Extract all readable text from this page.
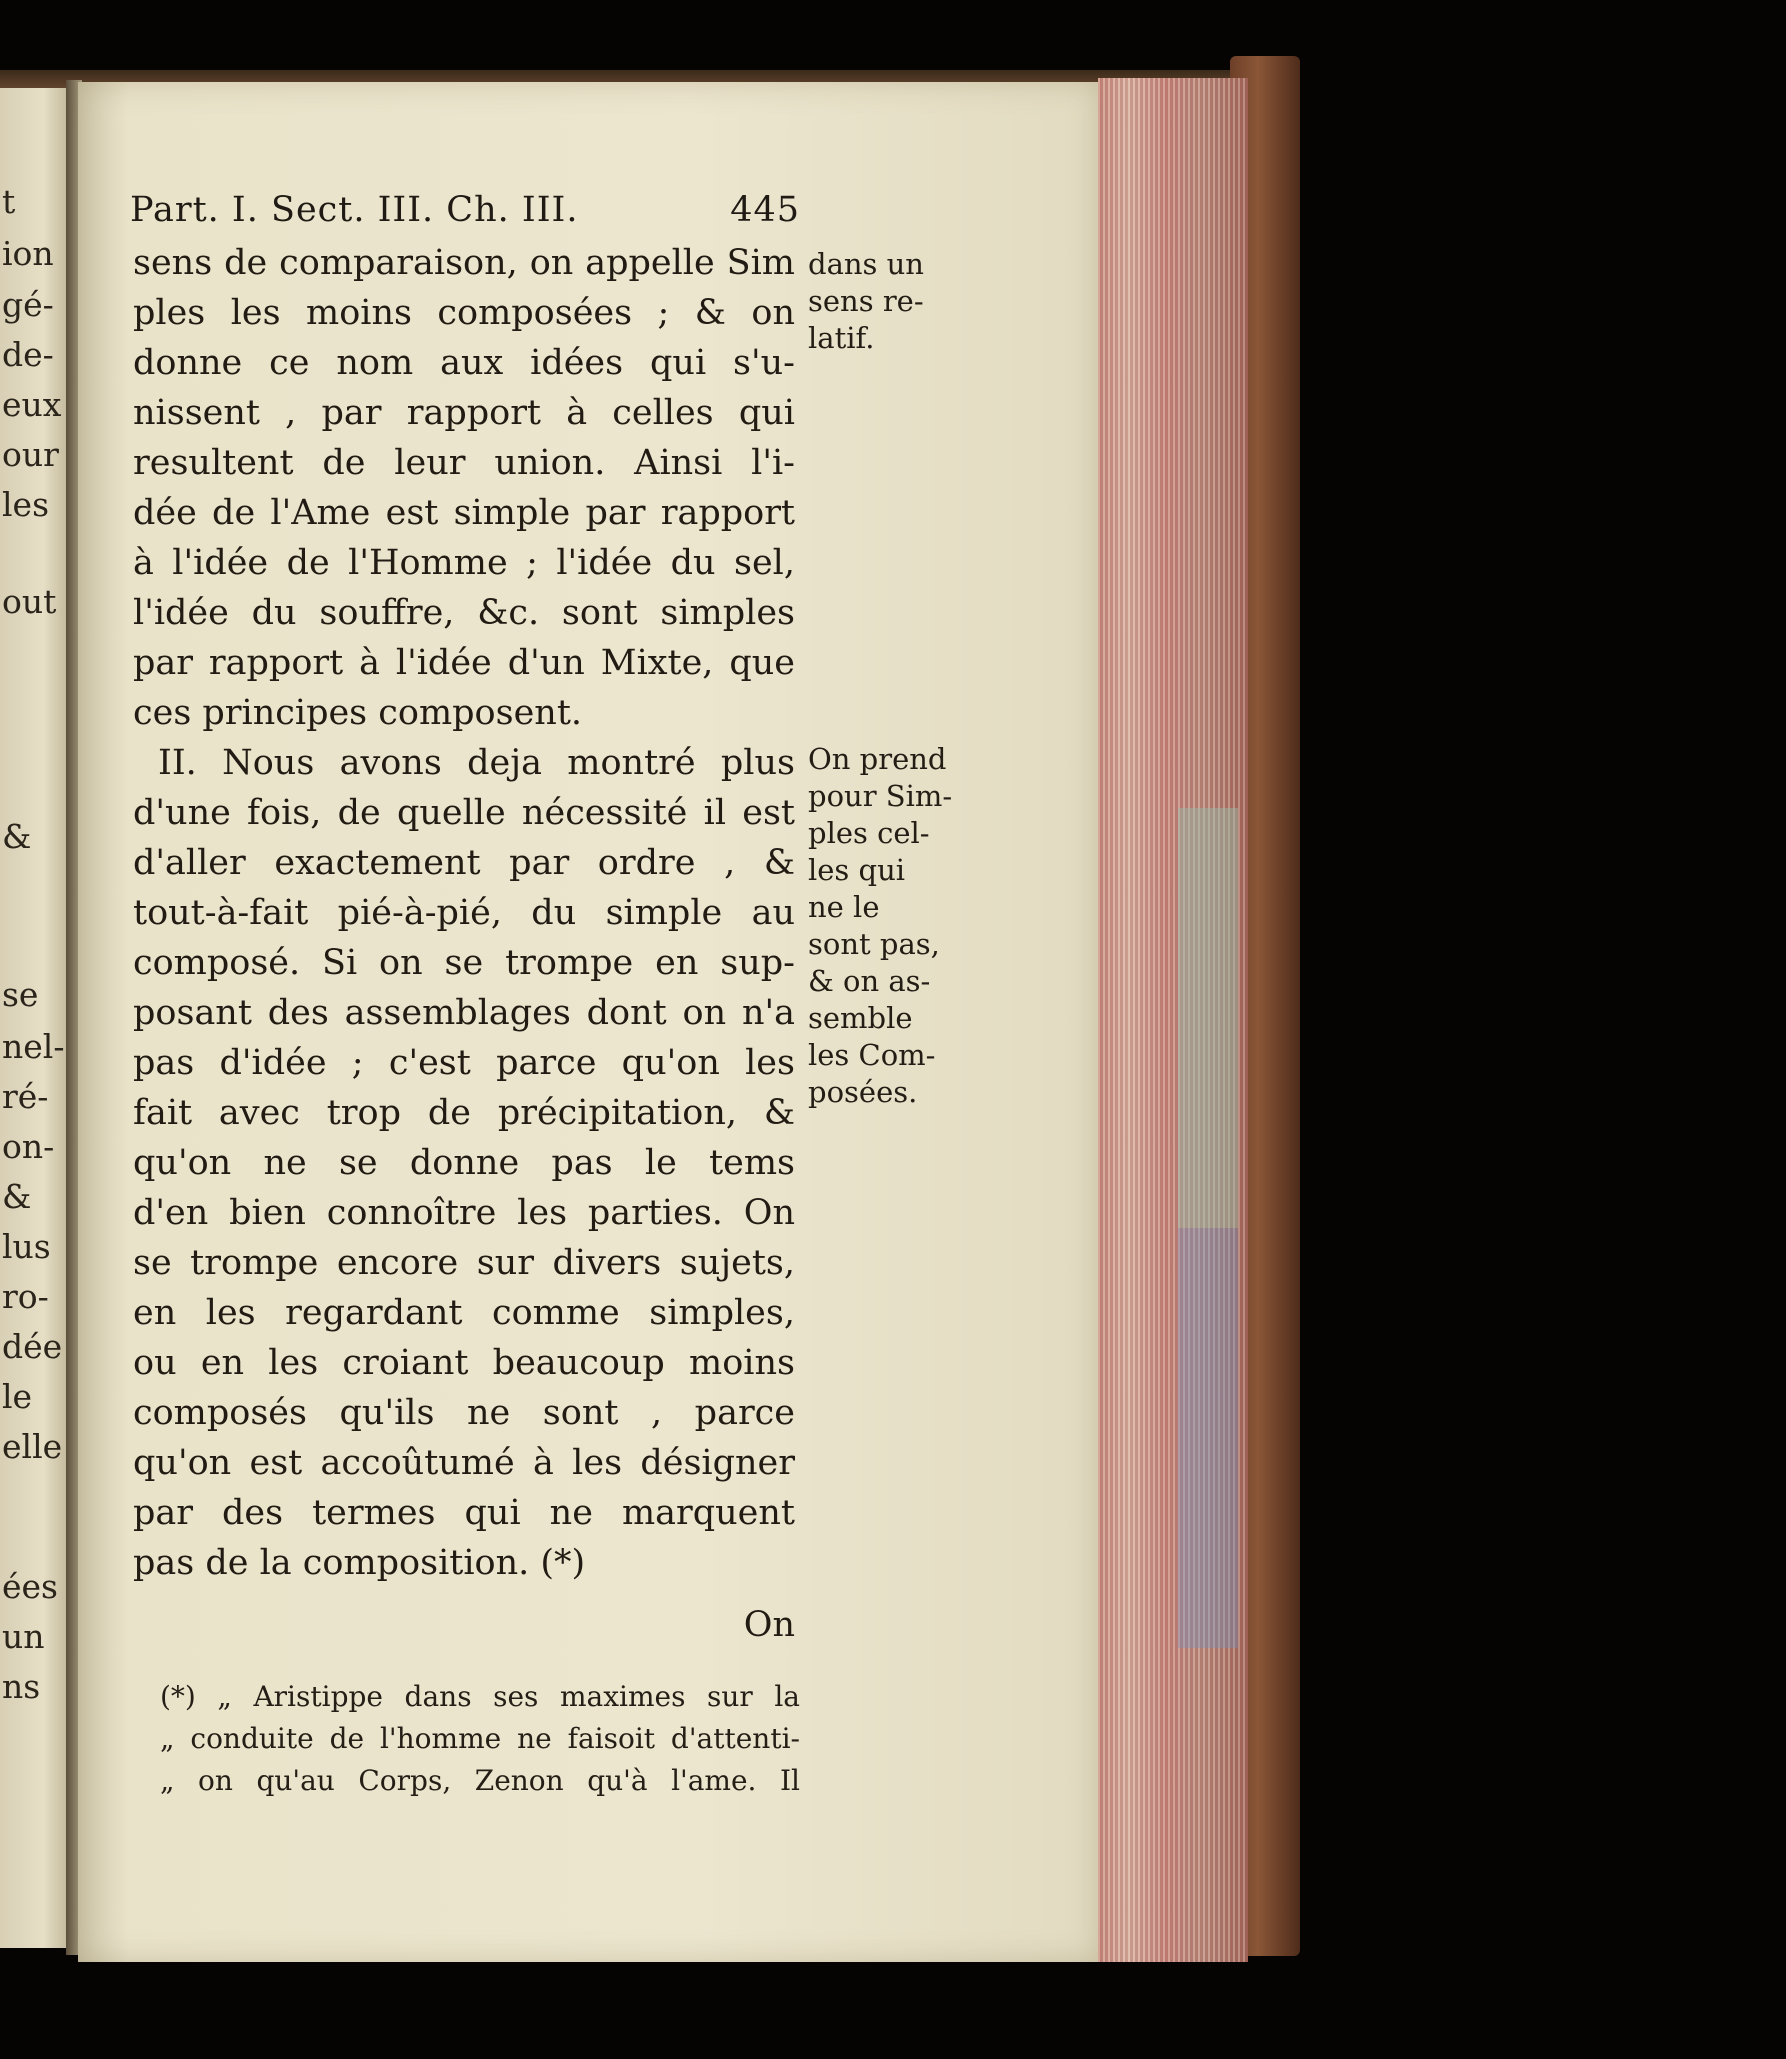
t
ion
gé-
de-
eux
our
les
&
out
se
nel-
ré-
on-
&
lus
ro-
dée
le
elle
ées
un
ns
Part. I. Sect. III. Ch. III.	445
sens de comparaison, on appelle Sim
ples les moins composées ; & on
donne ce nom aux idées qui s'u-
nissent , par rapport à celles qui
resultent de leur union. Ainsi l'i-
dée de l'Ame est simple par rapport
à l'idée de l'Homme ; l'idée du sel,
l'idée du souffre, &c. sont simples
par rapport à l'idée d'un Mixte, que
ces principes composent.
II. Nous avons deja montré plus
d'une fois, de quelle nécessité il est
d'aller exactement par ordre , &
tout-à-fait pié-à-pié, du simple au
composé. Si on se trompe en sup-
posant des assemblages dont on n'a
pas d'idée ; c'est parce qu'on les
fait avec trop de précipitation, &
qu'on ne se donne pas le tems
d'en bien connoître les parties. On
se trompe encore sur divers sujets,
en les regardant comme simples,
ou en les croiant beaucoup moins
composés qu'ils ne sont , parce
qu'on est accoûtumé à les désigner
par des termes qui ne marquent
pas de la composition. (*)
On
(*) „ Aristippe dans ses maximes sur la
„ conduite de l'homme ne faisoit d'attenti-
„ on qu'au Corps, Zenon qu'à l'ame. Il
dans un
sens re-
latif.
On prend
pour Sim-
ples cel-
les qui
ne le
sont pas,
& on as-
semble
les Com-
posées.
